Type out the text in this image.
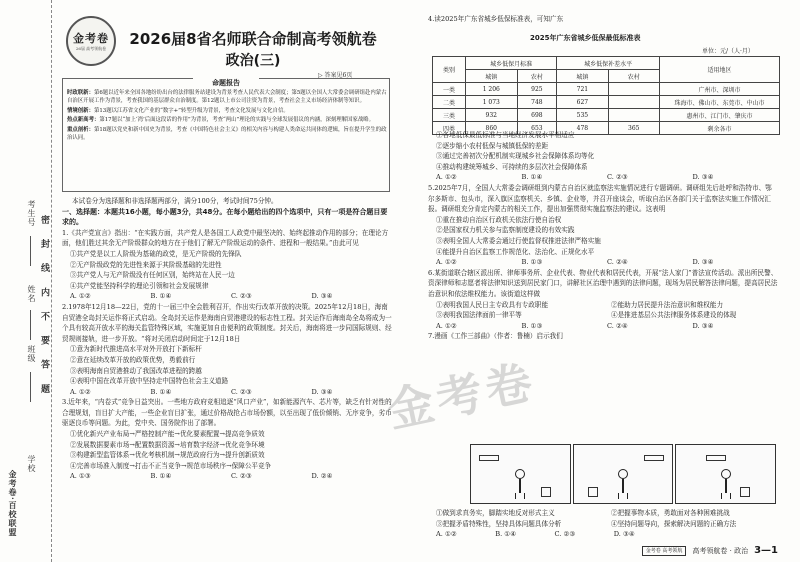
考生号
姓名
班级
学校
密 封 线 内 不 要 答 题
金考卷·百校联盟
金考卷
26届 高考领航卷
2026届8省名师联合命制高考领航卷
政治(三)
▷ 答案见6页
命题报告

时政联新：第6题以近年来全国各地纷纷出台的法律服务站建设为背景考查人民代表大会制度；第5题以全国人大常委会调研组赴内蒙古自治区开展工作为背景，考查我国的基层群众自治制度。第12题以上市公司注资为背景，考查社会主义市场经济体制等知识。

情境创新：第13题以江苏省文化产业的“数字+”转型升级为背景，考查文化发展与文化自信。

热点新高考：第17题以“加上‘湾’后面这段话的作用”为背景，考查“两山”理论的实践与全球发展倡议的内涵，深刻理解国家战略。

重点剖析：第18题以党史和新中国史为背景，考查《中国特色社会主义》的相关内容与构建人类命运共同体的逻辑，旨在提升学生的政治认同。

本试卷分为选择题和非选择题两部分，满分100分，考试时间75分钟。

一、选择题：本题共16小题，每小题3分，共48分。在每小题给出的四个选项中，只有一项是符合题目要求的。

1.《共产党宣言》指出：“在实践方面，共产党人是各国工人政党中最坚决的、始终起推动作用的部分；在理论方面，他们胜过其余无产阶级群众的地方在于他们了解无产阶级运动的条件、进程和一般结果。”由此可见

①共产党是以工人阶级为基础的政党，是无产阶级的先锋队

②无产阶级政党的先进性来源于其阶级基础的先进性

③共产党人与无产阶级没有任何区别，始终站在人民一边

④共产党能坚持科学的理论引领和社会发展规律

A. ①②	B. ①④	C. ②③	D. ③④

2.1978年12月18—22日，党的十一届三中全会胜利召开，作出实行改革开放的决策。2025年12月18日，海南自贸港全岛封关运作将正式启动。全岛封关运作是海南自贸港建设的标志性工程。封关运作后海南岛全岛将成为一个具有较高开放水平的海关监管特殊区域，实施更加自由便利的政策制度。封关后，海南将进一步同国际规则、经贸规则接轨，进一步开放。“将对关闭启动时间定于12月18日

①意为新时代推进高水平对外开放打下新标杆

②意在延续改革开放的政策优势，勇毅前行

③表明海南自贸港推动了我国改革进程的跨越

④表明中国在改革开放中坚持走中国特色社会主义道路

A. ①②	B. ①④	C. ②③	D. ③④

3.近年来，“内卷式”竞争日益突出。一些地方政府竞相追逐“风口产业”，如新能源汽车、芯片等，缺乏有针对性的合理规划，盲目扩大产能，一些企业盲目扩张，通过价格战抢占市场份额，以至出现了低价倾销、无序竞争，劣币驱逐良币等问题。为此，党中央、国务院作出了部署。

①优化新兴产业布局→严格控制产能→优化要素配置→提高竞争质效

②发展数据要素市场→配置数据资源→培育数字经济→优化竞争环境

③构建新型监管体系→优化考核机制→规范政府行为→提升创新质效

④完善市场准入制度→打击不正当竞争→规范市场秩序→保障公平竞争

A. ①③	B. ①④	C. ②③	D. ②④
4.读2025年广东省城乡低保标准表，可知广东
2025年广东省城乡低保最低标准表
单位：元/（人·月）
类别	城乡低保月标准		城乡低保补差水平		适用地区
	城镇	农村	城镇	农村	
一类	1 206	925	721		广州市、深圳市
二类	1 073	748	627		珠海市、佛山市、东莞市、中山市
三类	932	698	535		惠州市、江门市、肇庆市
四类	860	653	478	365	剩余各市

①各地低保最低标准与当地经济发展水平相适应

②逐步缩小农村低保与城镇低保的差距

③通过完善初次分配机制实现城乡社会保障体系均等化

④推动构建统筹城乡、可持续的多层次社会保障体系

A. ①②	B. ①④	C. ②③	D. ③④

5.2025年7月，全国人大常委会调研组到内蒙古自治区就监察法实施情况进行专题调研。调研组先后赴呼和浩特市、鄂尔多斯市、包头市，深入旗区监察机关、乡镇、企业等，并召开座谈会，听取自治区各部门关于监察法实施工作情况汇报。调研组充分肯定内蒙古的相关工作，提出加强贯彻实施监察法的建议。这表明

①重在推动自治区行政机关依法行使自治权

②是国家权力机关参与监察制度建设的有效实践

③表明全国人大常委会通过行使监督权推进法律严格实施

④能提升自治区监察工作规范化、法治化、正规化水平

A. ①②	B. ①③	C. ②④	D. ③④

6.某街道联合辖区派出所、律师事务所、企业代表、物业代表和居民代表，开展“法人家门”普法宣传活动。派出所民警、资深律师和志愿者将法律知识送到居民家门口，讲解社区治理中遇到的法律问题，现场为居民解答法律问题，提高居民法治意识和依法维权能力。该街道这样做

①表明我国人民日主专政具有专政职能	②能助力居民提升法治意识和维权能力

③表明我国法律面前一律平等	④是推进基层公共法律服务体系建设的体现

A. ①②	B. ①③	C. ②④	D. ③④

7.漫画《工作三部曲》（作者：鲁楠）启示我们

①做到求真务实，脚踏实地反对形式主义	②把握事物本质，勇敢面对各种困难挑战

③把握矛盾特殊性，坚持具体问题具体分析	④坚持问题导向，探索解决问题的正确方法

A. ①②	B. ①④	C. ②③	D. ③④
金考卷
金考卷 高考领航	高考领航卷 · 政治 3—1
